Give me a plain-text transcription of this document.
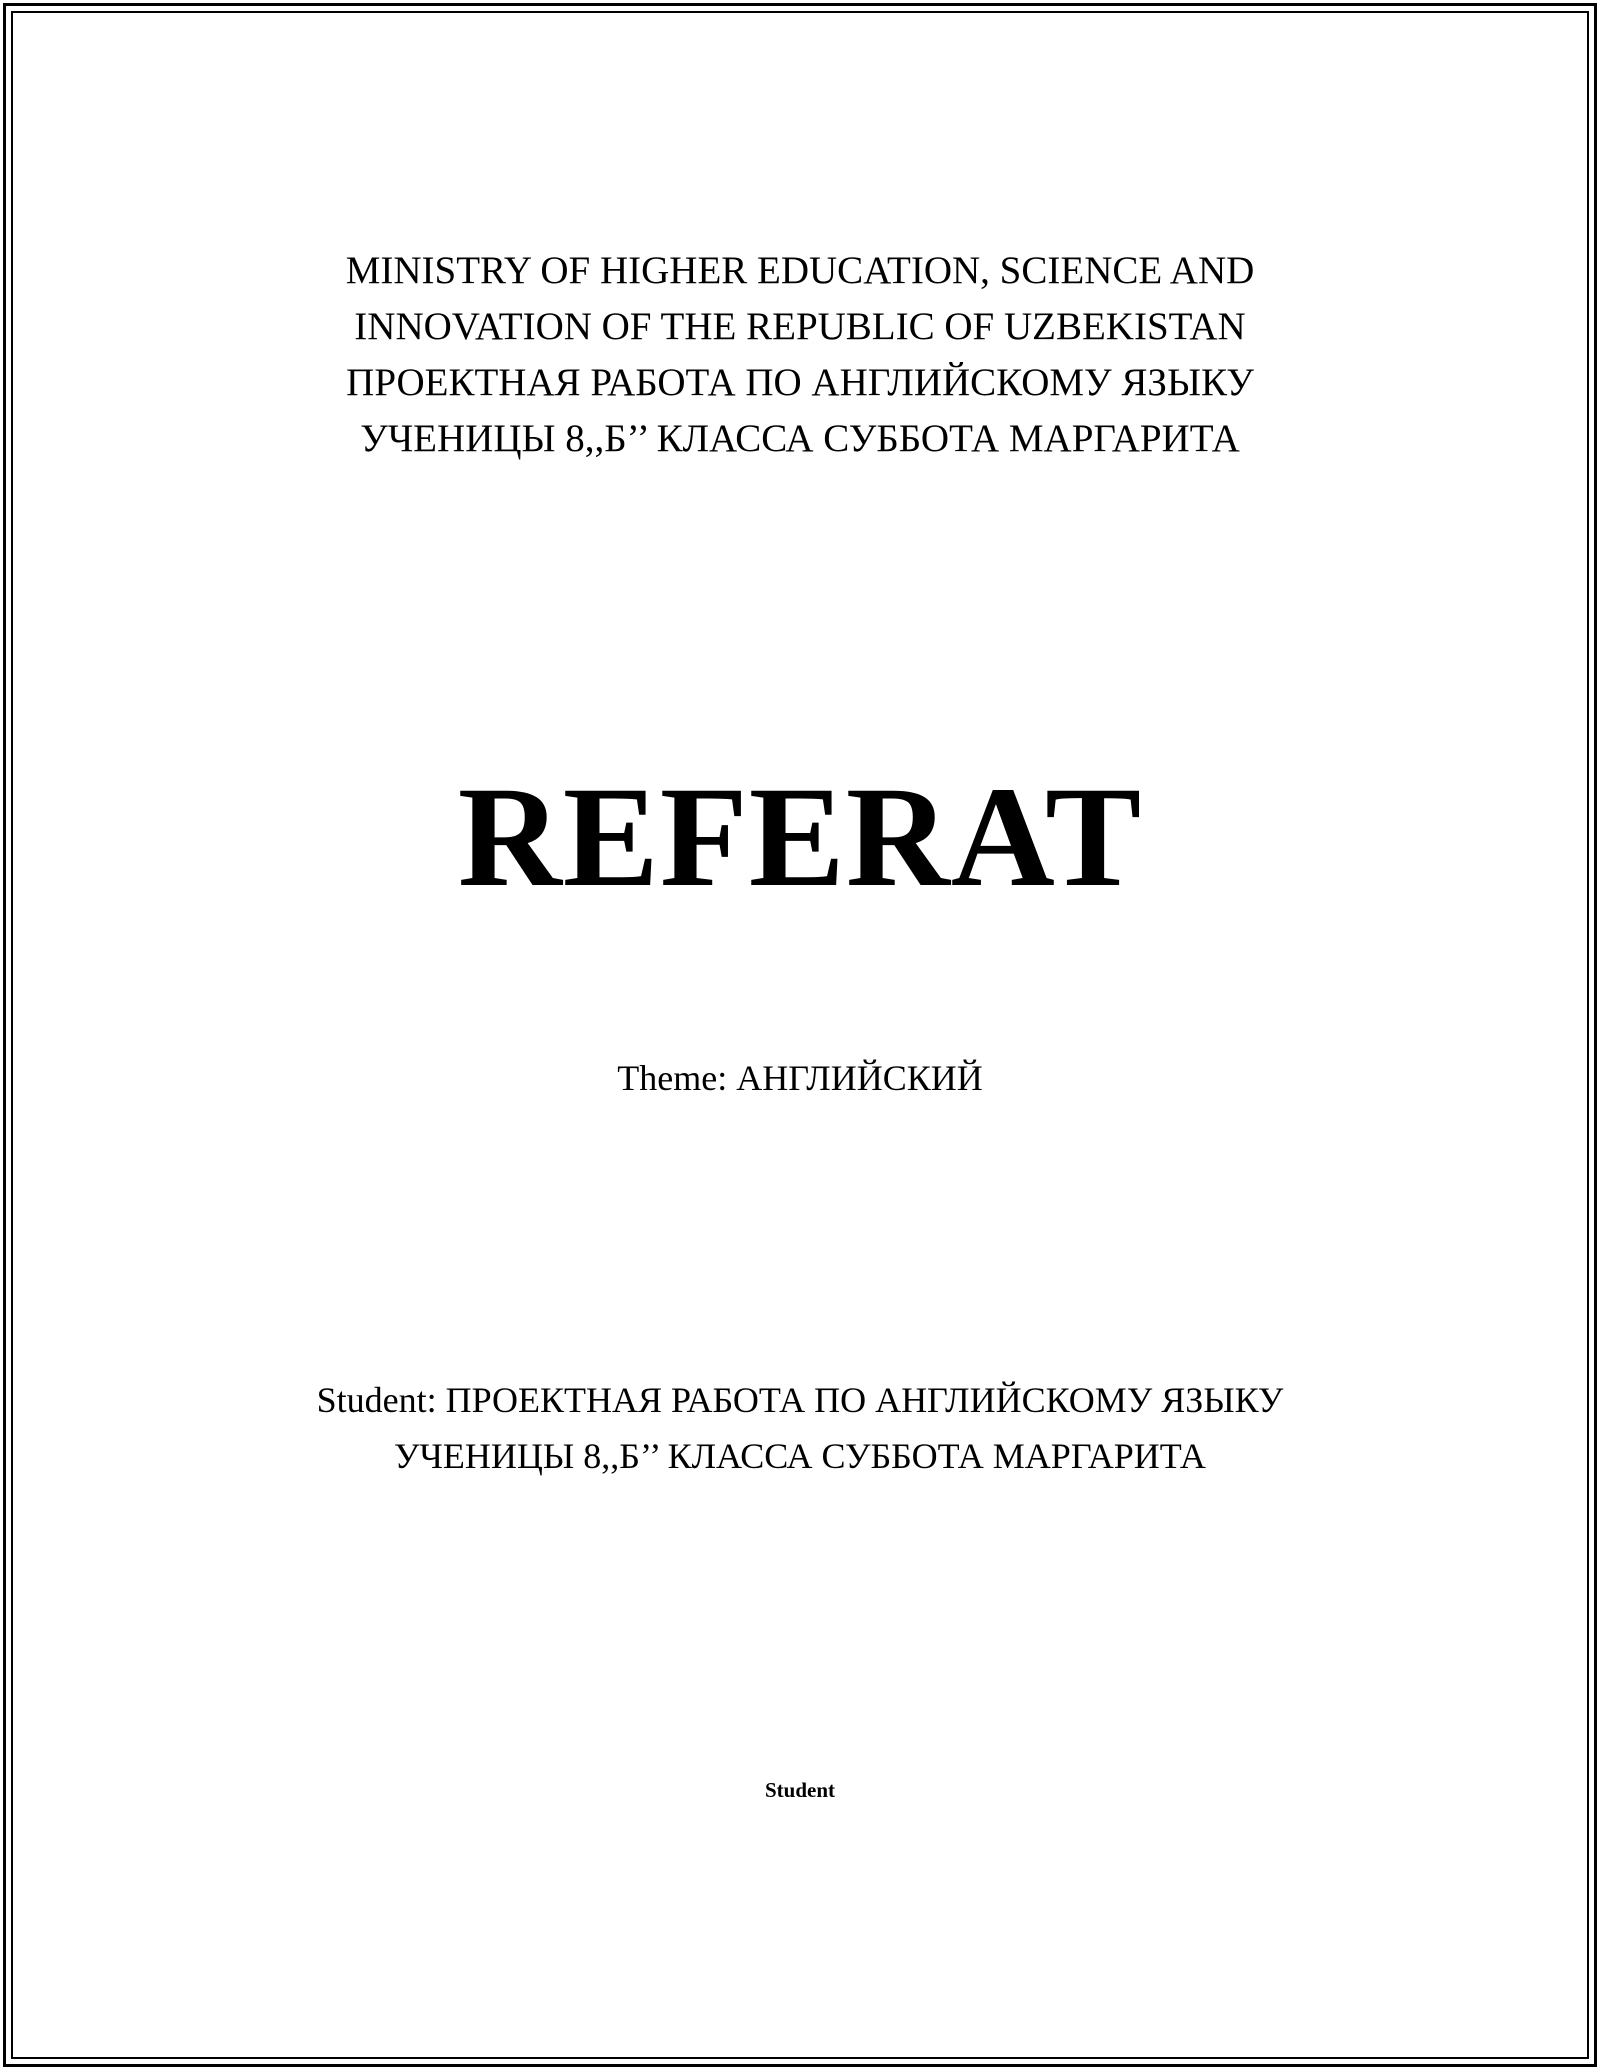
MINISTRY OF HIGHER EDUCATION, SCIENCE AND
INNOVATION OF THE REPUBLIC OF UZBEKISTAN
ПРОЕКТНАЯ РАБОТА ПО АНГЛИЙСКОМУ ЯЗЫКУ
УЧЕНИЦЫ 8,,Б’’ КЛАССА СУББОТА МАРГАРИТА
REFERAT
Theme: АНГЛИЙСКИЙ
Student: ПРОЕКТНАЯ РАБОТА ПО АНГЛИЙСКОМУ ЯЗЫКУ
УЧЕНИЦЫ 8,,Б’’ КЛАССА СУББОТА МАРГАРИТА
Student
